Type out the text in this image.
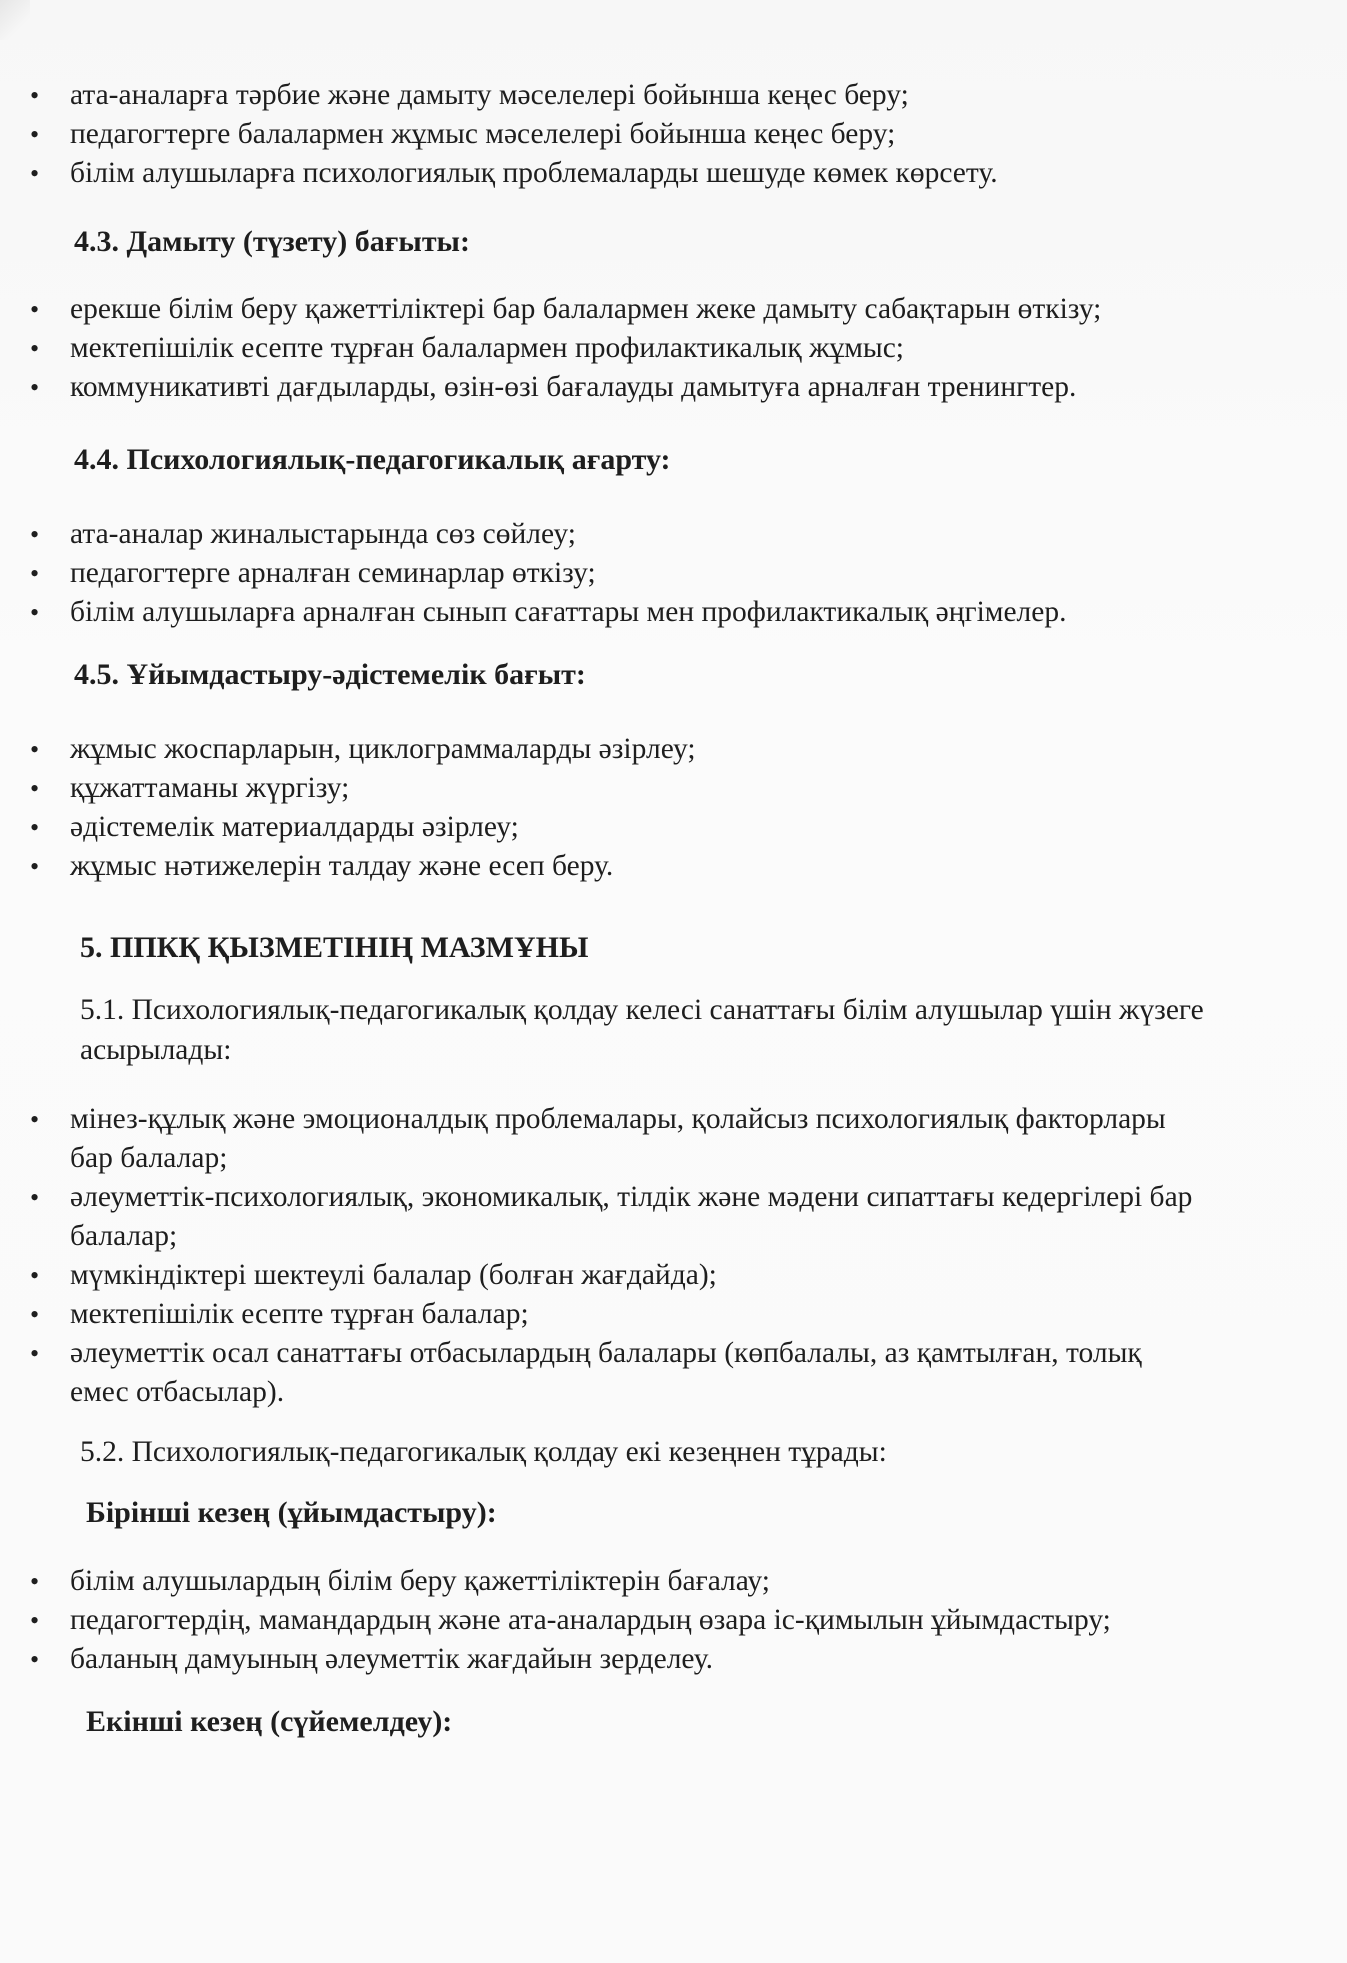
• ата-аналарға тәрбие және дамыту мәселелері бойынша кеңес беру;
• педагогтерге балалармен жұмыс мәселелері бойынша кеңес беру;
• білім алушыларға психологиялық проблемаларды шешуде көмек көрсету.
4.3. Дамыту (түзету) бағыты:
• ерекше білім беру қажеттіліктері бар балалармен жеке дамыту сабақтарын өткізу;
• мектепішілік есепте тұрған балалармен профилактикалық жұмыс;
• коммуникативті дағдыларды, өзін-өзі бағалауды дамытуға арналған тренингтер.
4.4. Психологиялық-педагогикалық ағарту:
• ата-аналар жиналыстарында сөз сөйлеу;
• педагогтерге арналған семинарлар өткізу;
• білім алушыларға арналған сынып сағаттары мен профилактикалық әңгімелер.
4.5. Ұйымдастыру-әдістемелік бағыт:
• жұмыс жоспарларын, циклограммаларды әзірлеу;
• құжаттаманы жүргізу;
• әдістемелік материалдарды әзірлеу;
• жұмыс нәтижелерін талдау және есеп беру.
5. ППКҚ ҚЫЗМЕТІНІҢ МАЗМҰНЫ
5.1. Психологиялық-педагогикалық қолдау келесі санаттағы білім алушылар үшін жүзеге асырылады:
• мінез-құлық және эмоционалдық проблемалары, қолайсыз психологиялық факторлары бар балалар;
• әлеуметтік-психологиялық, экономикалық, тілдік және мәдени сипаттағы кедергілері бар балалар;
• мүмкіндіктері шектеулі балалар (болған жағдайда);
• мектепішілік есепте тұрған балалар;
• әлеуметтік осал санаттағы отбасылардың балалары (көпбалалы, аз қамтылған, толық емес отбасылар).
5.2. Психологиялық-педагогикалық қолдау екі кезеңнен тұрады:
Бірінші кезең (ұйымдастыру):
• білім алушылардың білім беру қажеттіліктерін бағалау;
• педагогтердің, мамандардың және ата-аналардың өзара іс-қимылын ұйымдастыру;
• баланың дамуының әлеуметтік жағдайын зерделеу.
Екінші кезең (сүйемелдеу):
